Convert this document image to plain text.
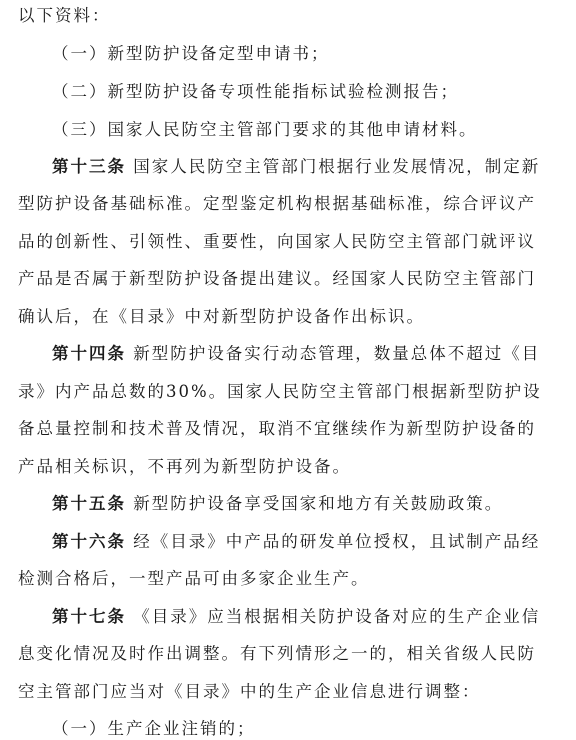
以下资料：
（一）新型防护设备定型申请书；
（二）新型防护设备专项性能指标试验检测报告；
（三）国家人民防空主管部门要求的其他申请材料。
第十三条 国家人民防空主管部门根据行业发展情况，制定新
型防护设备基础标准。定型鉴定机构根据基础标准，综合评议产
品的创新性、引领性、重要性，向国家人民防空主管部门就评议
产品是否属于新型防护设备提出建议。经国家人民防空主管部门
确认后，在《目录》中对新型防护设备作出标识。
第十四条 新型防护设备实行动态管理，数量总体不超过《目
录》内产品总数的30%。国家人民防空主管部门根据新型防护设
备总量控制和技术普及情况，取消不宜继续作为新型防护设备的
产品相关标识，不再列为新型防护设备。
第十五条 新型防护设备享受国家和地方有关鼓励政策。
第十六条 经《目录》中产品的研发单位授权，且试制产品经
检测合格后，一型产品可由多家企业生产。
第十七条 《目录》应当根据相关防护设备对应的生产企业信
息变化情况及时作出调整。有下列情形之一的，相关省级人民防
空主管部门应当对《目录》中的生产企业信息进行调整：
（一）生产企业注销的；
